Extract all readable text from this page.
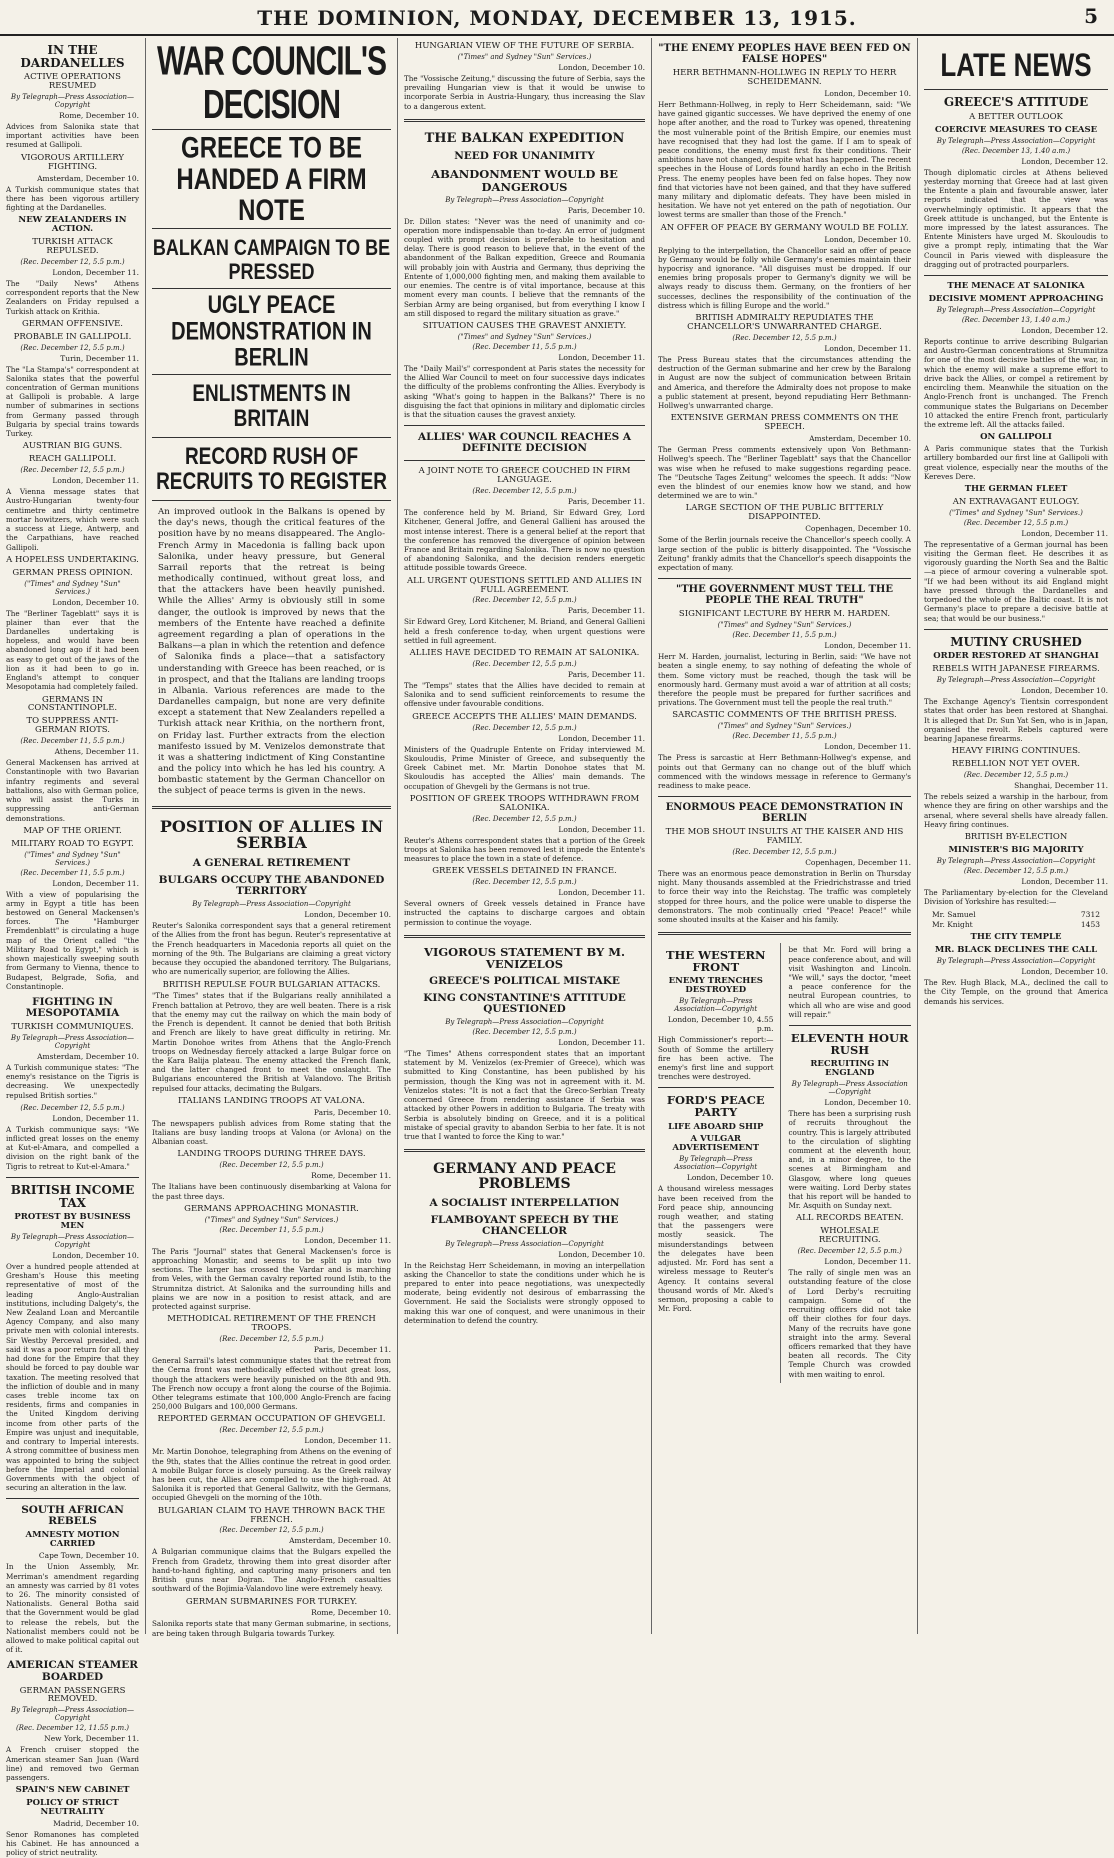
THE DOMINION, MONDAY, DECEMBER 13, 1915.	5
IN THE DARDANELLES
ACTIVE OPERATIONS RESUMED
By Telegraph—Press Association—Copyright
Rome, December 10.
Advices from Salonika state that important activities have been resumed at Gallipoli.
VIGOROUS ARTILLERY FIGHTING.
Amsterdam, December 10.
A Turkish communique states that there has been vigorous artillery fighting at the Dardanelles.
NEW ZEALANDERS IN ACTION.
TURKISH ATTACK REPULSED.
(Rec. December 12, 5.5 p.m.)
London, December 11.
The "Daily News" Athens correspondent reports that the New Zealanders on Friday repulsed a Turkish attack on Krithia.
GERMAN OFFENSIVE.
PROBABLE IN GALLIPOLI.
(Rec. December 12, 5.5 p.m.)
Turin, December 11.
The "La Stampa's" correspondent at Salonika states that the powerful concentration of German munitions at Gallipoli is probable. A large number of submarines in sections from Germany passed through Bulgaria by special trains towards Turkey.
AUSTRIAN BIG GUNS.
REACH GALLIPOLI.
(Rec. December 12, 5.5 p.m.)
London, December 11.
A Vienna message states that Austro-Hungarian twenty-four centimetre and thirty centimetre mortar howitzers, which were such a success at Liege, Antwerp, and the Carpathians, have reached Gallipoli.
A HOPELESS UNDERTAKING.
GERMAN PRESS OPINION.
("Times" and Sydney "Sun" Services.)
London, December 10.
The "Berliner Tageblatt" says it is plainer than ever that the Dardanelles undertaking is hopeless, and would have been abandoned long ago if it had been as easy to get out of the jaws of the lion as it had been to go in. England's attempt to conquer Mesopotamia had completely failed.
GERMANS IN CONSTANTINOPLE.
TO SUPPRESS ANTI-GERMAN RIOTS.
(Rec. December 11, 5.5 p.m.)
Athens, December 11.
General Mackensen has arrived at Constantinople with two Bavarian infantry regiments and several battalions, also with German police, who will assist the Turks in suppressing anti-German demonstrations.
MAP OF THE ORIENT.
MILITARY ROAD TO EGYPT.
("Times" and Sydney "Sun" Services.)
(Rec. December 11, 5.5 p.m.)
London, December 11.
With a view of popularising the army in Egypt a title has been bestowed on General Mackensen's forces. The "Hamburger Fremdenblatt" is circulating a huge map of the Orient called "the Military Road to Egypt," which is shown majestically sweeping south from Germany to Vienna, thence to Budapest, Belgrade, Sofia, and Constantinople.
FIGHTING IN MESOPOTAMIA
TURKISH COMMUNIQUES.
By Telegraph—Press Association—Copyright
Amsterdam, December 10.
A Turkish communique states: "The enemy's resistance on the Tigris is decreasing. We unexpectedly repulsed British sorties."
(Rec. December 12, 5.5 p.m.)
London, December 11.
A Turkish communique says: "We inflicted great losses on the enemy at Kut-el-Amara, and compelled a division on the right bank of the Tigris to retreat to Kut-el-Amara."
BRITISH INCOME TAX
PROTEST BY BUSINESS MEN
By Telegraph—Press Association—Copyright
London, December 10.
Over a hundred people attended at Gresham's House this meeting representative of most of the leading Anglo-Australian institutions, including Dalgety's, the New Zealand Loan and Mercantile Agency Company, and also many private men with colonial interests. Sir Westby Perceval presided, and said it was a poor return for all they had done for the Empire that they should be forced to pay double war taxation. The meeting resolved that the infliction of double and in many cases treble income tax on residents, firms and companies in the United Kingdom deriving income from other parts of the Empire was unjust and inequitable, and contrary to Imperial interests. A strong committee of business men was appointed to bring the subject before the Imperial and colonial Governments with the object of securing an alteration in the law.
SOUTH AFRICAN REBELS
AMNESTY MOTION CARRIED
Cape Town, December 10.
In the Union Assembly, Mr. Merriman's amendment regarding an amnesty was carried by 81 votes to 26. The minority consisted of Nationalists. General Botha said that the Government would be glad to release the rebels, but the Nationalist members could not be allowed to make political capital out of it.
AMERICAN STEAMER BOARDED
GERMAN PASSENGERS REMOVED.
By Telegraph—Press Association—Copyright
(Rec. December 12, 11.55 p.m.)
New York, December 11.
A French cruiser stopped the American steamer San Juan (Ward line) and removed two German passengers.
SPAIN'S NEW CABINET
POLICY OF STRICT NEUTRALITY
Madrid, December 10.
Senor Romanones has completed his Cabinet. He has announced a policy of strict neutrality.
WAR COUNCIL'S DECISION
GREECE TO BE HANDED A FIRM NOTE
BALKAN CAMPAIGN TO BE PRESSED
UGLY PEACE DEMONSTRATION IN BERLIN
ENLISTMENTS IN BRITAIN
RECORD RUSH OF RECRUITS TO REGISTER
An improved outlook in the Balkans is opened by the day's news, though the critical features of the position have by no means disappeared. The Anglo-French Army in Macedonia is falling back upon Salonika, under heavy pressure, but General Sarrail reports that the retreat is being methodically continued, without great loss, and that the attackers have been heavily punished. While the Allies' Army is obviously still in some danger, the outlook is improved by news that the members of the Entente have reached a definite agreement regarding a plan of operations in the Balkans—a plan in which the retention and defence of Salonika finds a place—that a satisfactory understanding with Greece has been reached, or is in prospect, and that the Italians are landing troops in Albania. Various references are made to the Dardanelles campaign, but none are very definite except a statement that New Zealanders repelled a Turkish attack near Krithia, on the northern front, on Friday last. Further extracts from the election manifesto issued by M. Venizelos demonstrate that it was a shattering indictment of King Constantine and the policy into which he has led his country. A bombastic statement by the German Chancellor on the subject of peace terms is given in the news.
POSITION OF ALLIES IN SERBIA
A GENERAL RETIREMENT
BULGARS OCCUPY THE ABANDONED TERRITORY
By Telegraph—Press Association—Copyright
London, December 10.
Reuter's Salonika correspondent says that a general retirement of the Allies from the front has begun. Reuter's representative at the French headquarters in Macedonia reports all quiet on the morning of the 9th. The Bulgarians are claiming a great victory because they occupied the abandoned territory. The Bulgarians, who are numerically superior, are following the Allies.
BRITISH REPULSE FOUR BULGARIAN ATTACKS.
"The Times" states that if the Bulgarians really annihilated a French battalion at Petrovo, they are well beaten. There is a risk that the enemy may cut the railway on which the main body of the French is dependent. It cannot be denied that both British and French are likely to have great difficulty in retiring. Mr. Martin Donohoe writes from Athens that the Anglo-French troops on Wednesday fiercely attacked a large Bulgar force on the Kara Balija plateau. The enemy attacked the French flank, and the latter changed front to meet the onslaught. The Bulgarians encountered the British at Valandovo. The British repulsed four attacks, decimating the Bulgars.
ITALIANS LANDING TROOPS AT VALONA.
Paris, December 10.
The newspapers publish advices from Rome stating that the Italians are busy landing troops at Valona (or Avlona) on the Albanian coast.
LANDING TROOPS DURING THREE DAYS.
(Rec. December 12, 5.5 p.m.)
Rome, December 11.
The Italians have been continuously disembarking at Valona for the past three days.
GERMANS APPROACHING MONASTIR.
("Times" and Sydney "Sun" Services.)
(Rec. December 11, 5.5 p.m.)
London, December 11.
The Paris "Journal" states that General Mackensen's force is approaching Monastir, and seems to be split up into two sections. The larger has crossed the Vardar and is marching from Veles, with the German cavalry reported round Istib, to the Strumnitza district. At Salonika and the surrounding hills and plains we are now in a position to resist attack, and are protected against surprise.
METHODICAL RETIREMENT OF THE FRENCH TROOPS.
(Rec. December 12, 5.5 p.m.)
Paris, December 11.
General Sarrail's latest communique states that the retreat from the Cerna front was methodically effected without great loss, though the attackers were heavily punished on the 8th and 9th. The French now occupy a front along the course of the Bojimia. Other telegrams estimate that 100,000 Anglo-French are facing 250,000 Bulgars and 100,000 Germans.
REPORTED GERMAN OCCUPATION OF GHEVGELI.
(Rec. December 12, 5.5 p.m.)
London, December 11.
Mr. Martin Donohoe, telegraphing from Athens on the evening of the 9th, states that the Allies continue the retreat in good order. A mobile Bulgar force is closely pursuing. As the Greek railway has been cut, the Allies are compelled to use the high-road. At Salonika it is reported that General Gallwitz, with the Germans, occupied Ghevgeli on the morning of the 10th.
BULGARIAN CLAIM TO HAVE THROWN BACK THE FRENCH.
(Rec. December 12, 5.5 p.m.)
Amsterdam, December 10.
A Bulgarian communique claims that the Bulgars expelled the French from Gradetz, throwing them into great disorder after hand-to-hand fighting, and capturing many prisoners and ten British guns near Dojran. The Anglo-French casualties southward of the Bojimia-Valandovo line were extremely heavy.
GERMAN SUBMARINES FOR TURKEY.
Rome, December 10.
Salonika reports state that many German submarine, in sections, are being taken through Bulgaria towards Turkey.
HUNGARIAN VIEW OF THE FUTURE OF SERBIA.
("Times" and Sydney "Sun" Services.)
London, December 10.
The "Vossische Zeitung," discussing the future of Serbia, says the prevailing Hungarian view is that it would be unwise to incorporate Serbia in Austria-Hungary, thus increasing the Slav to a dangerous extent.
THE BALKAN EXPEDITION
NEED FOR UNANIMITY
ABANDONMENT WOULD BE DANGEROUS
By Telegraph—Press Association—Copyright
Paris, December 10.
Dr. Dillon states: "Never was the need of unanimity and co-operation more indispensable than to-day. An error of judgment coupled with prompt decision is preferable to hesitation and delay. There is good reason to believe that, in the event of the abandonment of the Balkan expedition, Greece and Roumania will probably join with Austria and Germany, thus depriving the Entente of 1,000,000 fighting men, and making them available to our enemies. The centre is of vital importance, because at this moment every man counts. I believe that the remnants of the Serbian Army are being organised, but from everything I know I am still disposed to regard the military situation as grave."
SITUATION CAUSES THE GRAVEST ANXIETY.
("Times" and Sydney "Sun" Services.)
(Rec. December 11, 5.5 p.m.)
London, December 11.
The "Daily Mail's" correspondent at Paris states the necessity for the Allied War Council to meet on four successive days indicates the difficulty of the problems confronting the Allies. Everybody is asking "What's going to happen in the Balkans?" There is no disguising the fact that opinions in military and diplomatic circles is that the situation causes the gravest anxiety.
ALLIES' WAR COUNCIL REACHES A DEFINITE DECISION
A JOINT NOTE TO GREECE COUCHED IN FIRM LANGUAGE.
(Rec. December 12, 5.5 p.m.)
Paris, December 11.
The conference held by M. Briand, Sir Edward Grey, Lord Kitchener, General Joffre, and General Gallieni has aroused the most intense interest. There is a general belief at the report that the conference has removed the divergence of opinion between France and Britain regarding Salonika. There is now no question of abandoning Salonika, and the decision renders energetic attitude possible towards Greece.
ALL URGENT QUESTIONS SETTLED AND ALLIES IN FULL AGREEMENT.
(Rec. December 12, 5.5 p.m.)
Paris, December 11.
Sir Edward Grey, Lord Kitchener, M. Briand, and General Gallieni held a fresh conference to-day, when urgent questions were settled in full agreement.
ALLIES HAVE DECIDED TO REMAIN AT SALONIKA.
(Rec. December 12, 5.5 p.m.)
Paris, December 11.
The "Temps" states that the Allies have decided to remain at Salonika and to send sufficient reinforcements to resume the offensive under favourable conditions.
GREECE ACCEPTS THE ALLIES' MAIN DEMANDS.
(Rec. December 12, 5.5 p.m.)
London, December 11.
Ministers of the Quadruple Entente on Friday interviewed M. Skouloudis, Prime Minister of Greece, and subsequently the Greek Cabinet met. Mr. Martin Donohoe states that M. Skouloudis has accepted the Allies' main demands. The occupation of Ghevgeli by the Germans is not true.
POSITION OF GREEK TROOPS WITHDRAWN FROM SALONIKA.
(Rec. December 12, 5.5 p.m.)
London, December 11.
Reuter's Athens correspondent states that a portion of the Greek troops at Salonika has been removed lest it impede the Entente's measures to place the town in a state of defence.
GREEK VESSELS DETAINED IN FRANCE.
(Rec. December 12, 5.5 p.m.)
London, December 11.
Several owners of Greek vessels detained in France have instructed the captains to discharge cargoes and obtain permission to continue the voyage.
VIGOROUS STATEMENT BY M. VENIZELOS
GREECE'S POLITICAL MISTAKE
KING CONSTANTINE'S ATTITUDE QUESTIONED
By Telegraph—Press Association—Copyright
(Rec. December 12, 5.5 p.m.)
London, December 11.
"The Times" Athens correspondent states that an important statement by M. Venizelos (ex-Premier of Greece), which was submitted to King Constantine, has been published by his permission, though the King was not in agreement with it. M. Venizelos states: "It is not a fact that the Greco-Serbian Treaty concerned Greece from rendering assistance if Serbia was attacked by other Powers in addition to Bulgaria. The treaty with Serbia is absolutely binding on Greece, and it is a political mistake of special gravity to abandon Serbia to her fate. It is not true that I wanted to force the King to war."
GERMANY AND PEACE PROBLEMS
A SOCIALIST INTERPELLATION
FLAMBOYANT SPEECH BY THE CHANCELLOR
By Telegraph—Press Association—Copyright
London, December 10.
In the Reichstag Herr Scheidemann, in moving an interpellation asking the Chancellor to state the conditions under which he is prepared to enter into peace negotiations, was unexpectedly moderate, being evidently not desirous of embarrassing the Government. He said the Socialists were strongly opposed to making this war one of conquest, and were unanimous in their determination to defend the country.
"THE ENEMY PEOPLES HAVE BEEN FED ON FALSE HOPES"
HERR BETHMANN-HOLLWEG IN REPLY TO HERR SCHEIDEMANN.
London, December 10.
Herr Bethmann-Hollweg, in reply to Herr Scheidemann, said: "We have gained gigantic successes. We have deprived the enemy of one hope after another, and the road to Turkey was opened, threatening the most vulnerable point of the British Empire, our enemies must have recognised that they had lost the game. If I am to speak of peace conditions, the enemy must first fix their conditions. Their ambitions have not changed, despite what has happened. The recent speeches in the House of Lords found hardly an echo in the British Press. The enemy peoples have been fed on false hopes. They now find that victories have not been gained, and that they have suffered many military and diplomatic defeats. They have been misled in hesitation. We have not yet entered on the path of negotiation. Our lowest terms are smaller than those of the French."
AN OFFER OF PEACE BY GERMANY WOULD BE FOLLY.
London, December 10.
Replying to the interpellation, the Chancellor said an offer of peace by Germany would be folly while Germany's enemies maintain their hypocrisy and ignorance. "All disguises must be dropped. If our enemies bring proposals proper to Germany's dignity we will be always ready to discuss them. Germany, on the frontiers of her successes, declines the responsibility of the continuation of the distress which is filling Europe and the world."
BRITISH ADMIRALTY REPUDIATES THE CHANCELLOR'S UNWARRANTED CHARGE.
(Rec. December 12, 5.5 p.m.)
London, December 11.
The Press Bureau states that the circumstances attending the destruction of the German submarine and her crew by the Baralong in August are now the subject of communication between Britain and America, and therefore the Admiralty does not propose to make a public statement at present, beyond repudiating Herr Bethmann-Hollweg's unwarranted charge.
EXTENSIVE GERMAN PRESS COMMENTS ON THE SPEECH.
Amsterdam, December 10.
The German Press comments extensively upon Von Bethmann-Hollweg's speech. The "Berliner Tageblatt" says that the Chancellor was wise when he refused to make suggestions regarding peace. The "Deutsche Tages Zeitung" welcomes the speech. It adds: "Now even the blindest of our enemies know how we stand, and how determined we are to win."
LARGE SECTION OF THE PUBLIC BITTERLY DISAPPOINTED.
Copenhagen, December 10.
Some of the Berlin journals receive the Chancellor's speech coolly. A large section of the public is bitterly disappointed. The "Vossische Zeitung" frankly admits that the Chancellor's speech disappoints the expectation of many.
"THE GOVERNMENT MUST TELL THE PEOPLE THE REAL TRUTH"
SIGNIFICANT LECTURE BY HERR M. HARDEN.
("Times" and Sydney "Sun" Services.)
(Rec. December 11, 5.5 p.m.)
London, December 11.
Herr M. Harden, journalist, lecturing in Berlin, said: "We have not beaten a single enemy, to say nothing of defeating the whole of them. Some victory must be reached, though the task will be enormously hard. Germany must avoid a war of attrition at all costs; therefore the people must be prepared for further sacrifices and privations. The Government must tell the people the real truth."
SARCASTIC COMMENTS OF THE BRITISH PRESS.
("Times" and Sydney "Sun" Services.)
(Rec. December 11, 5.5 p.m.)
London, December 11.
The Press is sarcastic at Herr Bethmann-Hollweg's expense, and points out that Germany can no change out of the bluff which commenced with the windows message in reference to Germany's readiness to make peace.
ENORMOUS PEACE DEMONSTRATION IN BERLIN
THE MOB SHOUT INSULTS AT THE KAISER AND HIS FAMILY.
(Rec. December 12, 5.5 p.m.)
Copenhagen, December 11.
There was an enormous peace demonstration in Berlin on Thursday night. Many thousands assembled at the Friedrichstrasse and tried to force their way into the Reichstag. The traffic was completely stopped for three hours, and the police were unable to disperse the demonstrators. The mob continually cried "Peace! Peace!" while some shouted insults at the Kaiser and his family.
THE WESTERN FRONT
ENEMY TRENCHES DESTROYED
By Telegraph—Press Association—Copyright
London, December 10, 4.55 p.m.
High Commissioner's report:—South of Somme the artillery fire has been active. The enemy's first line and support trenches were destroyed.
FORD'S PEACE PARTY
LIFE ABOARD SHIP
A VULGAR ADVERTISEMENT
By Telegraph—Press Association—Copyright
London, December 10.
A thousand wireless messages have been received from the Ford peace ship, announcing rough weather, and stating that the passengers were mostly seasick. The misunderstandings between the delegates have been adjusted. Mr. Ford has sent a wireless message to Reuter's Agency. It contains several thousand words of Mr. Aked's sermon, proposing a cable to Mr. Ford.
be that Mr. Ford will bring a peace conference about, and will visit Washington and Lincoln. "We will," says the doctor, "meet a peace conference for the neutral European countries, to which all who are wise and good will repair."
ELEVENTH HOUR RUSH
RECRUITING IN ENGLAND
By Telegraph—Press Association—Copyright
London, December 10.
There has been a surprising rush of recruits throughout the country. This is largely attributed to the circulation of slighting comment at the eleventh hour, and, in a minor degree, to the scenes at Birmingham and Glasgow, where long queues were waiting. Lord Derby states that his report will be handed to Mr. Asquith on Sunday next.
ALL RECORDS BEATEN.
WHOLESALE RECRUITING.
(Rec. December 12, 5.5 p.m.)
London, December 11.
The rally of single men was an outstanding feature of the close of Lord Derby's recruiting campaign. Some of the recruiting officers did not take off their clothes for four days. Many of the recruits have gone straight into the army. Several officers remarked that they have beaten all records. The City Temple Church was crowded with men waiting to enrol.
LATE NEWS
GREECE'S ATTITUDE
A BETTER OUTLOOK
COERCIVE MEASURES TO CEASE
By Telegraph—Press Association—Copyright
(Rec. December 13, 1.40 a.m.)
London, December 12.
Though diplomatic circles at Athens believed yesterday morning that Greece had at last given the Entente a plain and favourable answer, later reports indicated that the view was overwhelmingly optimistic. It appears that the Greek attitude is unchanged, but the Entente is more impressed by the latest assurances. The Entente Ministers have urged M. Skouloudis to give a prompt reply, intimating that the War Council in Paris viewed with displeasure the dragging out of protracted pourparlers.
THE MENACE AT SALONIKA
DECISIVE MOMENT APPROACHING
By Telegraph—Press Association—Copyright
(Rec. December 13, 1.40 a.m.)
London, December 12.
Reports continue to arrive describing Bulgarian and Austro-German concentrations at Strumnitza for one of the most decisive battles of the war, in which the enemy will make a supreme effort to drive back the Allies, or compel a retirement by encircling them. Meanwhile the situation on the Anglo-French front is unchanged. The French communique states the Bulgarians on December 10 attacked the entire French front, particularly the extreme left. All the attacks failed.
ON GALLIPOLI
A Paris communique states that the Turkish artillery bombarded our first line at Gallipoli with great violence, especially near the mouths of the Kereves Dere.
THE GERMAN FLEET
AN EXTRAVAGANT EULOGY.
("Times" and Sydney "Sun" Services.)
(Rec. December 12, 5.5 p.m.)
London, December 11.
The representative of a German journal has been visiting the German fleet. He describes it as vigorously guarding the North Sea and the Baltic—a piece of armour covering a vulnerable spot. "If we had been without its aid England might have pressed through the Dardanelles and torpedoed the whole of the Baltic coast. It is not Germany's place to prepare a decisive battle at sea; that would be our business."
MUTINY CRUSHED
ORDER RESTORED AT SHANGHAI
REBELS WITH JAPANESE FIREARMS.
By Telegraph—Press Association—Copyright
London, December 10.
The Exchange Agency's Tientsin correspondent states that order has been restored at Shanghai. It is alleged that Dr. Sun Yat Sen, who is in Japan, organised the revolt. Rebels captured were bearing Japanese firearms.
HEAVY FIRING CONTINUES.
REBELLION NOT YET OVER.
(Rec. December 12, 5.5 p.m.)
Shanghai, December 11.
The rebels seized a warship in the harbour, from whence they are firing on other warships and the arsenal, where several shells have already fallen. Heavy firing continues.
BRITISH BY-ELECTION
MINISTER'S BIG MAJORITY
By Telegraph—Press Association—Copyright
(Rec. December 12, 5.5 p.m.)
London, December 11.
The Parliamentary by-election for the Cleveland Division of Yorkshire has resulted:—
Mr. Samuel	7312
Mr. Knight	1453
THE CITY TEMPLE
MR. BLACK DECLINES THE CALL
By Telegraph—Press Association—Copyright
London, December 10.
The Rev. Hugh Black, M.A., declined the call to the City Temple, on the ground that America demands his services.
